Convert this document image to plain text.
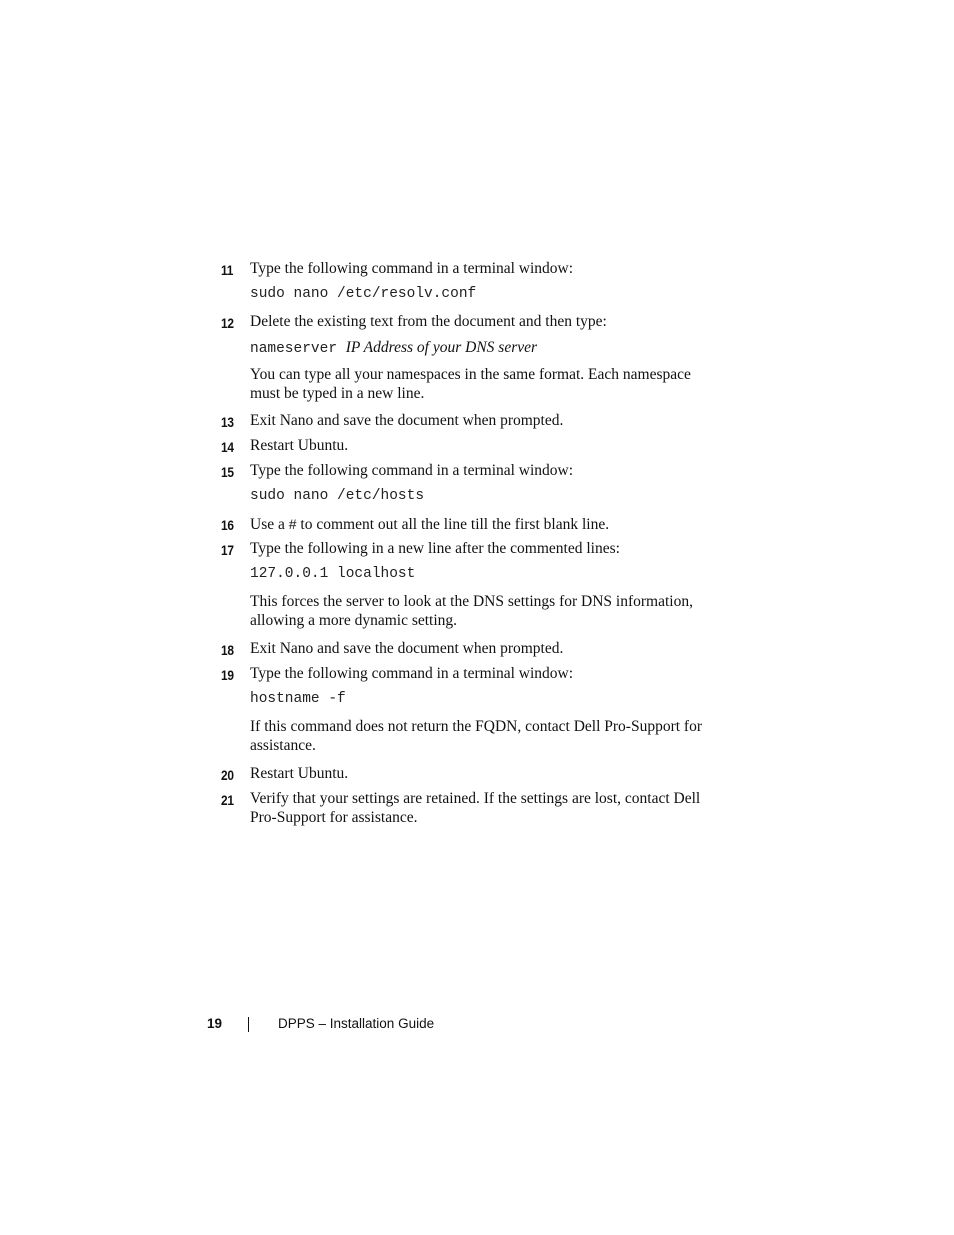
11 Type the following command in a terminal window:
sudo nano /etc/resolv.conf
12 Delete the existing text from the document and then type:
nameserver IP Address of your DNS server
You can type all your namespaces in the same format. Each namespace must be typed in a new line.
13 Exit Nano and save the document when prompted.
14 Restart Ubuntu.
15 Type the following command in a terminal window:
sudo nano /etc/hosts
16 Use a # to comment out all the line till the first blank line.
17 Type the following in a new line after the commented lines:
127.0.0.1 localhost
This forces the server to look at the DNS settings for DNS information, allowing a more dynamic setting.
18 Exit Nano and save the document when prompted.
19 Type the following command in a terminal window:
hostname -f
If this command does not return the FQDN, contact Dell Pro-Support for assistance.
20 Restart Ubuntu.
21 Verify that your settings are retained. If the settings are lost, contact Dell Pro-Support for assistance.
19	DPPS – Installation Guide
